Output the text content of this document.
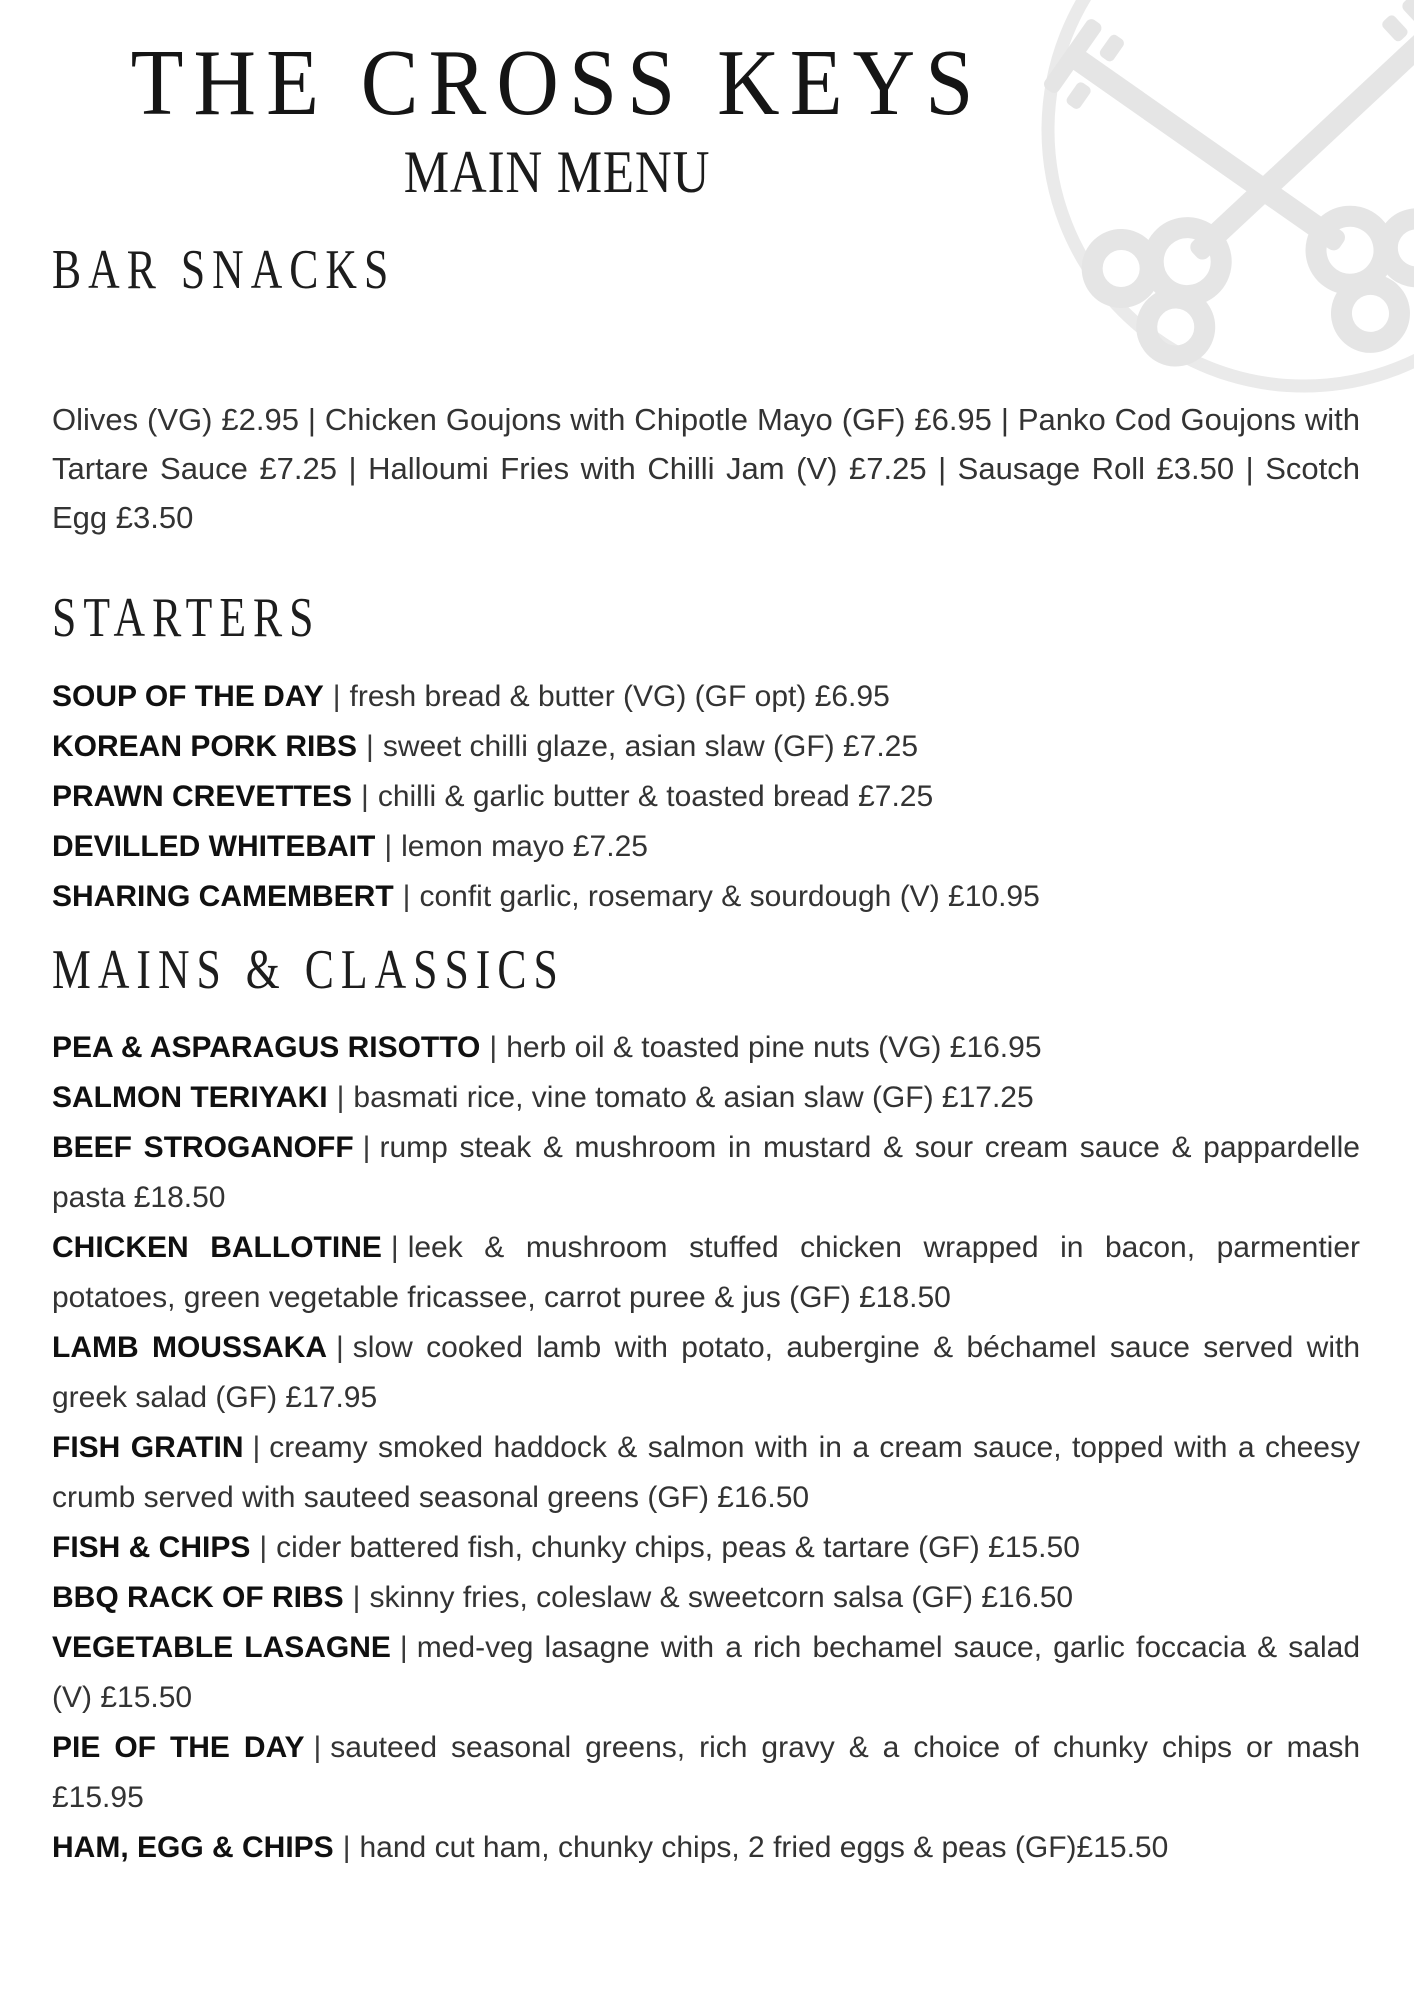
THE CROSS KEYS
MAIN MENU
BAR SNACKS

Olives (VG) £2.95 | Chicken Goujons with Chipotle Mayo (GF) £6.95 | Panko Cod Goujons with Tartare Sauce £7.25 | Halloumi Fries with Chilli Jam (V) £7.25 | Sausage Roll £3.50 | Scotch Egg £3.50

STARTERS

SOUP OF THE DAY | fresh bread & butter (VG) (GF opt) £6.95

KOREAN PORK RIBS | sweet chilli glaze, asian slaw (GF) £7.25

PRAWN CREVETTES | chilli & garlic butter & toasted bread £7.25

DEVILLED WHITEBAIT | lemon mayo £7.25

SHARING CAMEMBERT | confit garlic, rosemary & sourdough (V) £10.95

MAINS & CLASSICS

PEA & ASPARAGUS RISOTTO | herb oil & toasted pine nuts (VG) £16.95

SALMON TERIYAKI | basmati rice, vine tomato & asian slaw (GF) £17.25

BEEF STROGANOFF | rump steak & mushroom in mustard & sour cream sauce & pappardelle pasta £18.50

CHICKEN BALLOTINE | leek & mushroom stuffed chicken wrapped in bacon, parmentier potatoes, green vegetable fricassee, carrot puree & jus (GF) £18.50

LAMB MOUSSAKA | slow cooked lamb with potato, aubergine & béchamel sauce served with greek salad (GF) £17.95

FISH GRATIN | creamy smoked haddock & salmon with in a cream sauce, topped with a cheesy crumb served with sauteed seasonal greens (GF) £16.50

FISH & CHIPS | cider battered fish, chunky chips, peas & tartare (GF) £15.50

BBQ RACK OF RIBS | skinny fries, coleslaw & sweetcorn salsa (GF) £16.50

VEGETABLE LASAGNE | med-veg lasagne with a rich bechamel sauce, garlic foccacia & salad (V) £15.50

PIE OF THE DAY | sauteed seasonal greens, rich gravy & a choice of chunky chips or mash £15.95

HAM, EGG & CHIPS | hand cut ham, chunky chips, 2 fried eggs & peas (GF)£15.50
